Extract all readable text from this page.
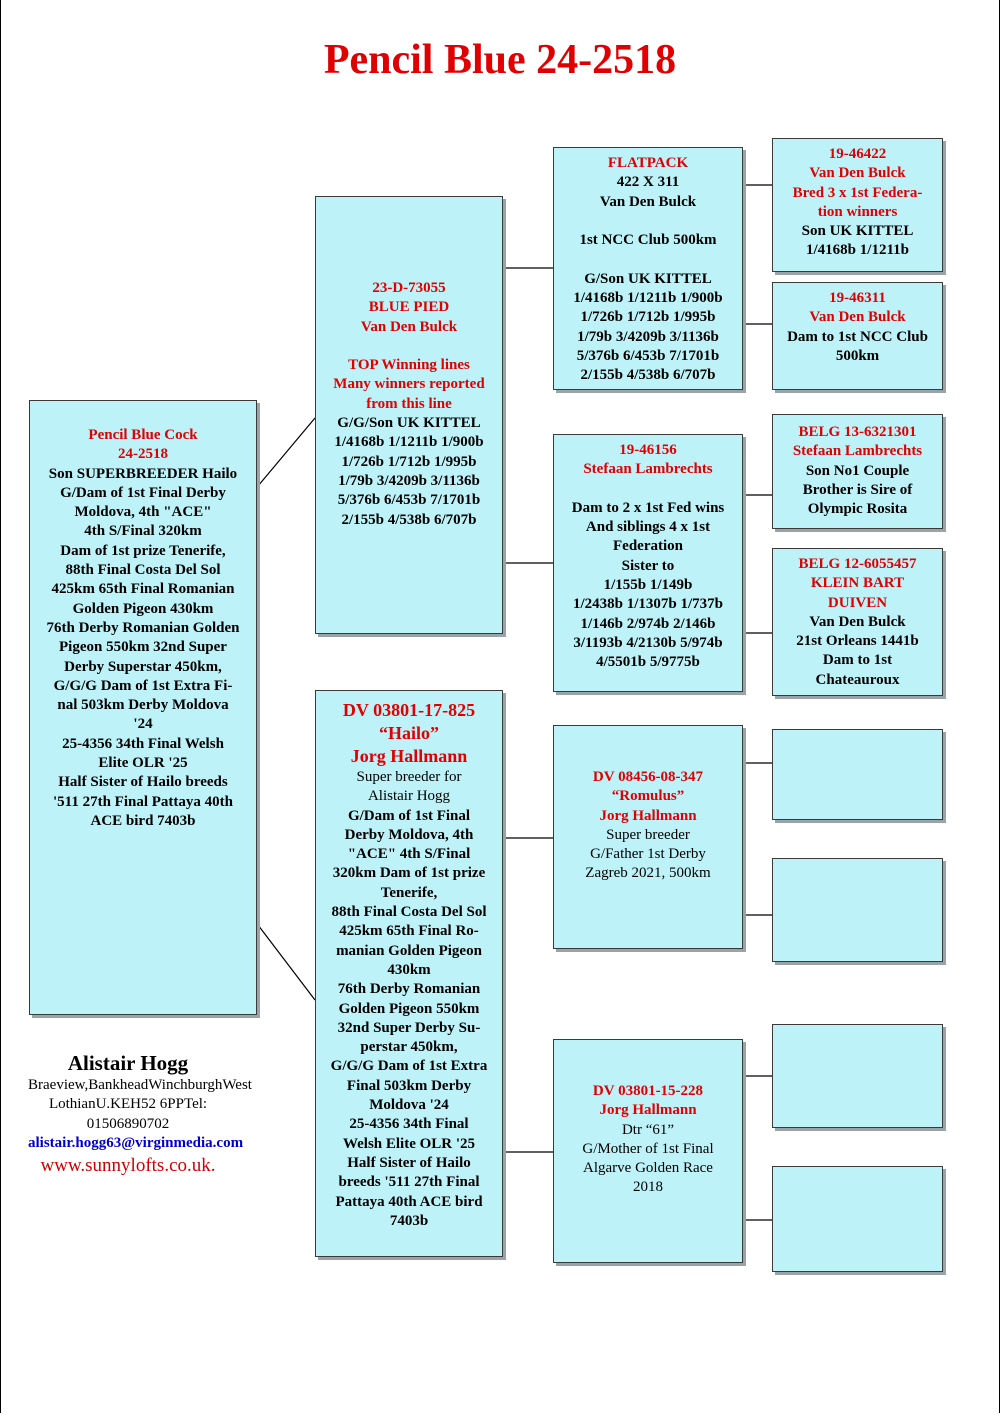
Pencil Blue 24-2518
Pencil Blue Cock
24-2518
Son SUPERBREEDER Hailo
G/Dam of 1st Final Derby
Moldova, 4th "ACE"
4th S/Final 320km
Dam of 1st prize Tenerife,
88th Final Costa Del Sol
425km 65th Final Romanian
Golden Pigeon 430km
76th Derby Romanian Golden
Pigeon 550km 32nd Super
Derby Superstar 450km,
G/G/G Dam of 1st Extra Fi-
nal 503km Derby Moldova
'24
25-4356 34th Final Welsh
Elite OLR '25
Half Sister of Hailo breeds
'511 27th Final Pattaya 40th
ACE bird 7403b
23-D-73055
BLUE PIED
Van Den Bulck

TOP Winning lines
Many winners reported
from this line
G/G/Son UK KITTEL
1/4168b 1/1211b 1/900b
1/726b 1/712b 1/995b
1/79b 3/4209b 3/1136b
5/376b 6/453b 7/1701b
2/155b 4/538b 6/707b
DV 03801-17-825
“Hailo”
Jorg Hallmann
Super breeder for
Alistair Hogg
G/Dam of 1st Final
Derby Moldova, 4th
"ACE" 4th S/Final
320km Dam of 1st prize
Tenerife,
88th Final Costa Del Sol
425km 65th Final Ro-
manian Golden Pigeon
430km
76th Derby Romanian
Golden Pigeon 550km
32nd Super Derby Su-
perstar 450km,
G/G/G Dam of 1st Extra
Final 503km Derby
Moldova '24
25-4356 34th Final
Welsh Elite OLR '25
Half Sister of Hailo
breeds '511 27th Final
Pattaya 40th ACE bird
7403b
FLATPACK
422 X 311
Van Den Bulck

1st NCC Club 500km

G/Son UK KITTEL
1/4168b 1/1211b 1/900b
1/726b 1/712b 1/995b
1/79b 3/4209b 3/1136b
5/376b 6/453b 7/1701b
2/155b 4/538b 6/707b
19-46156
Stefaan Lambrechts

Dam to 2 x 1st Fed wins
And siblings 4 x 1st
Federation
Sister to
1/155b 1/149b
1/2438b 1/1307b 1/737b
1/146b 2/974b 2/146b
3/1193b 4/2130b 5/974b
4/5501b 5/9775b
DV 08456-08-347
“Romulus”
Jorg Hallmann
Super breeder
G/Father 1st Derby
Zagreb 2021, 500km
DV 03801-15-228
Jorg Hallmann
Dtr “61”
G/Mother of 1st Final
Algarve Golden Race
2018
19-46422
Van Den Bulck
Bred 3 x 1st Federa-
tion winners
Son UK KITTEL
1/4168b 1/1211b
19-46311
Van Den Bulck
Dam to 1st NCC Club
500km
BELG 13-6321301
Stefaan Lambrechts
Son No1 Couple
Brother is Sire of
Olympic Rosita
BELG 12-6055457
KLEIN BART
DUIVEN
Van Den Bulck
21st Orleans 1441b
Dam to 1st
Chateauroux
Alistair Hogg
Braeview,BankheadWinchburghWest LothianU.KEH52 6PPTel: 01506890702
alistair.hogg63@virginmedia.com
www.sunnylofts.co.uk.
